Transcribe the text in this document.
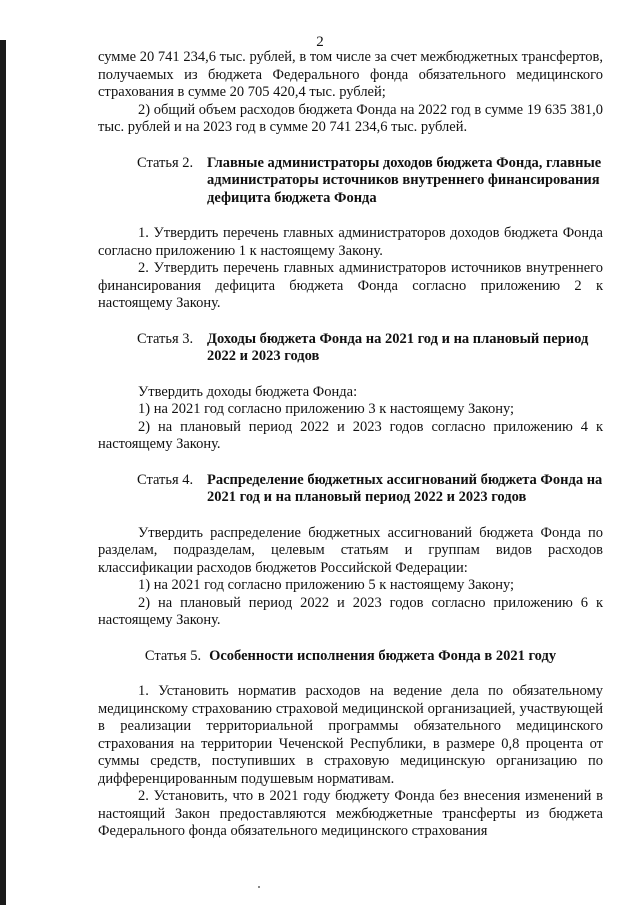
2

сумме 20 741 234,6 тыс. рублей, в том числе за счет межбюджетных трансфертов, получаемых из бюджета Федерального фонда обязательного медицинского страхования в сумме 20 705 420,4 тыс. рублей;

2) общий объем расходов бюджета Фонда на 2022 год в сумме 19 635 381,0 тыс. рублей и на 2023 год в сумме 20 741 234,6 тыс. рублей.

Статья 2. Главные администраторы доходов бюджета Фонда, главные администраторы источников внутреннего финансирования дефицита бюджета Фонда

1. Утвердить перечень главных администраторов доходов бюджета Фонда согласно приложению 1 к настоящему Закону.

2. Утвердить перечень главных администраторов источников внутреннего финансирования дефицита бюджета Фонда согласно приложению 2 к настоящему Закону.

Статья 3. Доходы бюджета Фонда на 2021 год и на плановый период 2022 и 2023 годов

Утвердить доходы бюджета Фонда:

1) на 2021 год согласно приложению 3 к настоящему Закону;

2) на плановый период 2022 и 2023 годов согласно приложению 4 к настоящему Закону.

Статья 4. Распределение бюджетных ассигнований бюджета Фонда на 2021 год и на плановый период 2022 и 2023 годов

Утвердить распределение бюджетных ассигнований бюджета Фонда по разделам, подразделам, целевым статьям и группам видов расходов классификации расходов бюджетов Российской Федерации:

1) на 2021 год согласно приложению 5 к настоящему Закону;

2) на плановый период 2022 и 2023 годов согласно приложению 6 к настоящему Закону.

Статья 5. Особенности исполнения бюджета Фонда в 2021 году

1. Установить норматив расходов на ведение дела по обязательному медицинскому страхованию страховой медицинской организацией, участвующей в реализации территориальной программы обязательного медицинского страхования на территории Чеченской Республики, в размере 0,8 процента от суммы средств, поступивших в страховую медицинскую организацию по дифференцированным подушевым нормативам.

2. Установить, что в 2021 году бюджету Фонда без внесения изменений в настоящий Закон предоставляются межбюджетные трансферты из бюджета Федерального фонда обязательного медицинского страхования
